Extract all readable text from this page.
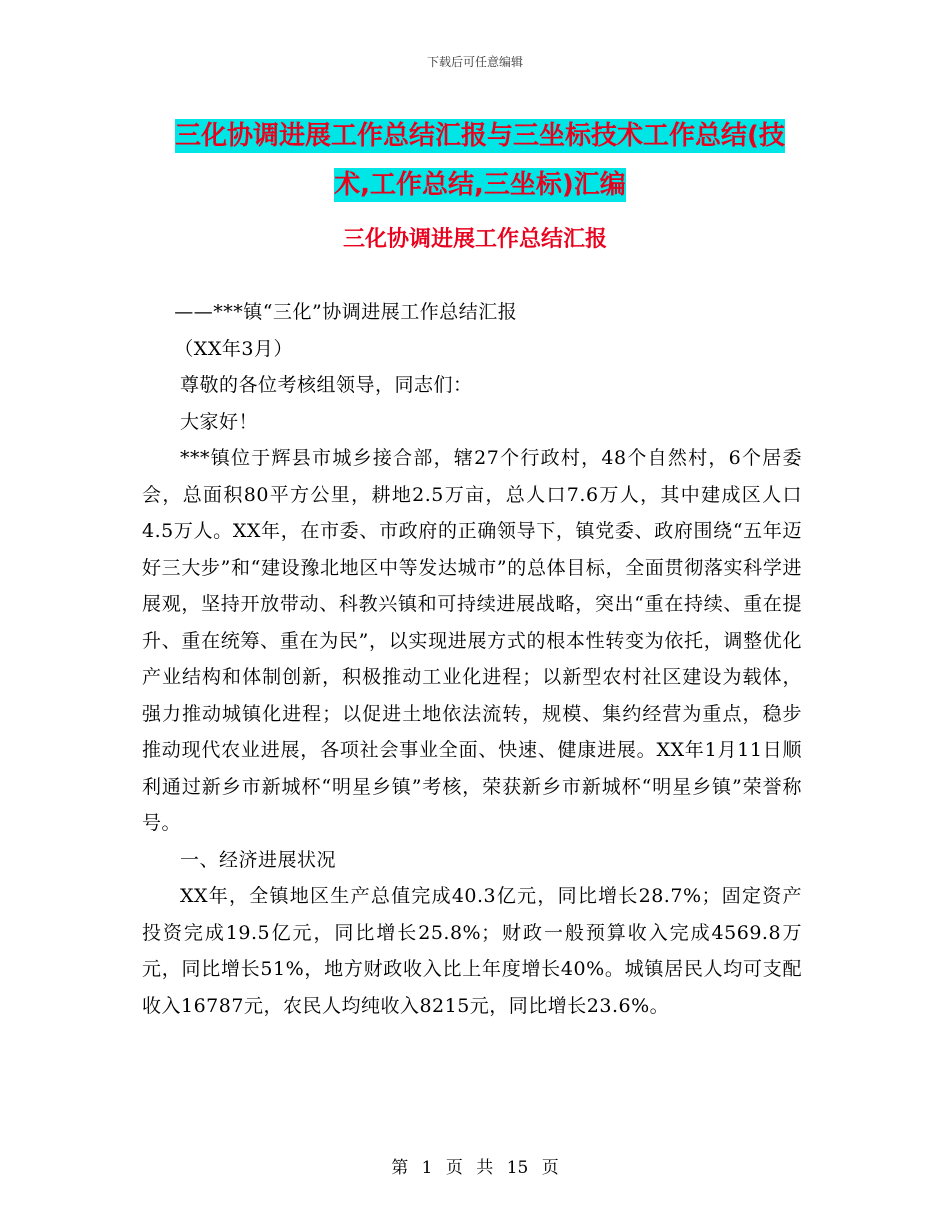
下载后可任意编辑
三化协调进展工作总结汇报与三坐标技术工作总结(技
术,工作总结,三坐标)汇编
三化协调进展工作总结汇报

——***镇“三化”协调进展工作总结汇报

（XX年3月）

尊敬的各位考核组领导，同志们：

大家好！

***镇位于辉县市城乡接合部，辖27个行政村，48个自然村，6个居委会，总面积80平方公里，耕地2.5万亩，总人口7.6万人，其中建成区人口4.5万人。XX年，在市委、市政府的正确领导下，镇党委、政府围绕“五年迈好三大步”和“建设豫北地区中等发达城市”的总体目标，全面贯彻落实科学进展观，坚持开放带动、科教兴镇和可持续进展战略，突出“重在持续、重在提升、重在统筹、重在为民”，以实现进展方式的根本性转变为依托，调整优化产业结构和体制创新，积极推动工业化进程；以新型农村社区建设为载体，强力推动城镇化进程；以促进土地依法流转，规模、集约经营为重点，稳步推动现代农业进展，各项社会事业全面、快速、健康进展。XX年1月11日顺利通过新乡市新城杯“明星乡镇”考核，荣获新乡市新城杯“明星乡镇”荣誉称号。

一、经济进展状况

XX年，全镇地区生产总值完成40.3亿元，同比增长28.7%；固定资产投资完成19.5亿元，同比增长25.8%；财政一般预算收入完成4569.8万元，同比增长51%，地方财政收入比上年度增长40%。城镇居民人均可支配收入16787元，农民人均纯收入8215元，同比增长23.6%。

第 1 页 共 15 页
